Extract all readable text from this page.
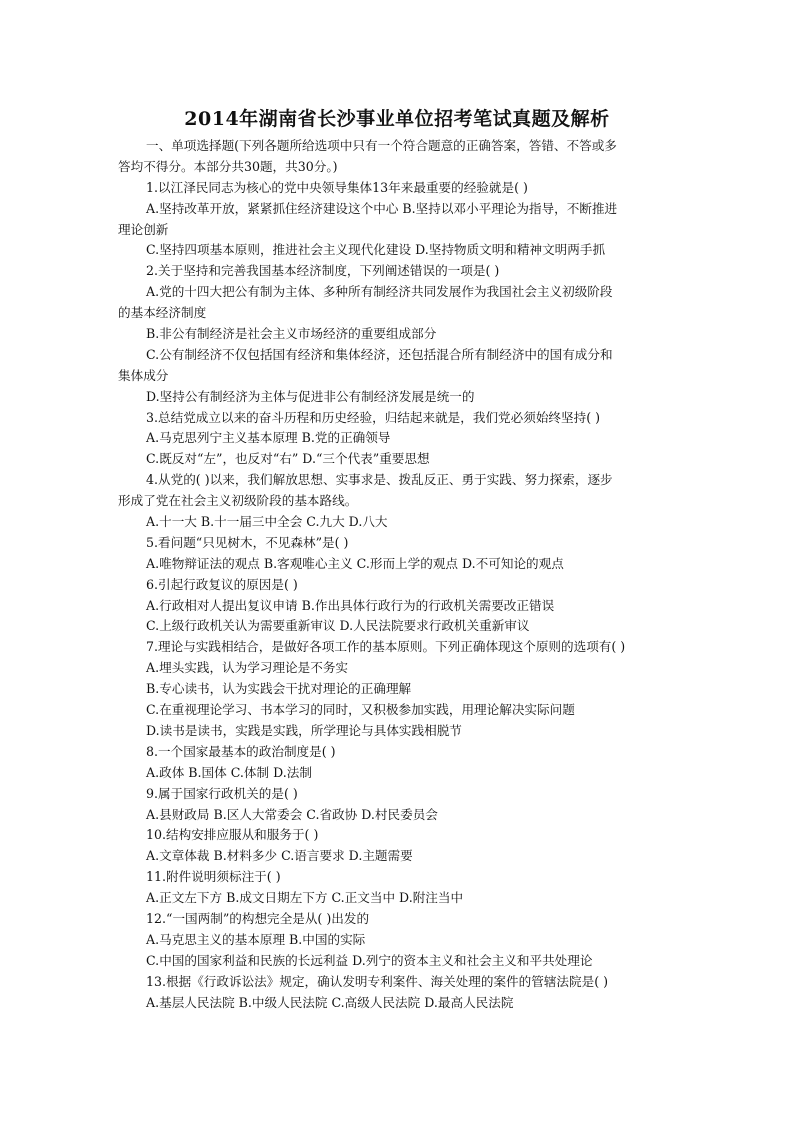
2014年湖南省长沙事业单位招考笔试真题及解析
一、单项选择题(下列各题所给选项中只有一个符合题意的正确答案，答错、不答或多
答均不得分。本部分共30题，共30分。)
1.以江泽民同志为核心的党中央领导集体13年来最重要的经验就是( )
A.坚持改革开放，紧紧抓住经济建设这个中心 B.坚持以邓小平理论为指导，不断推进
理论创新
C.坚持四项基本原则，推进社会主义现代化建设 D.坚持物质文明和精神文明两手抓
2.关于坚持和完善我国基本经济制度，下列阐述错误的一项是( )
A.党的十四大把公有制为主体、多种所有制经济共同发展作为我国社会主义初级阶段
的基本经济制度
B.非公有制经济是社会主义市场经济的重要组成部分
C.公有制经济不仅包括国有经济和集体经济，还包括混合所有制经济中的国有成分和
集体成分
D.坚持公有制经济为主体与促进非公有制经济发展是统一的
3.总结党成立以来的奋斗历程和历史经验，归结起来就是，我们党必须始终坚持( )
A.马克思列宁主义基本原理 B.党的正确领导
C.既反对“左”，也反对“右” D.“三个代表”重要思想
4.从党的( )以来，我们解放思想、实事求是、拨乱反正、勇于实践、努力探索，逐步
形成了党在社会主义初级阶段的基本路线。
A.十一大 B.十一届三中全会 C.九大 D.八大
5.看问题“只见树木，不见森林”是( )
A.唯物辩证法的观点 B.客观唯心主义 C.形而上学的观点 D.不可知论的观点
6.引起行政复议的原因是( )
A.行政相对人提出复议申请 B.作出具体行政行为的行政机关需要改正错误
C.上级行政机关认为需要重新审议 D.人民法院要求行政机关重新审议
7.理论与实践相结合，是做好各项工作的基本原则。下列正确体现这个原则的选项有( )
A.埋头实践，认为学习理论是不务实
B.专心读书，认为实践会干扰对理论的正确理解
C.在重视理论学习、书本学习的同时，又积极参加实践，用理论解决实际问题
D.读书是读书，实践是实践，所学理论与具体实践相脱节
8.一个国家最基本的政治制度是( )
A.政体 B.国体 C.体制 D.法制
9.属于国家行政机关的是( )
A.县财政局 B.区人大常委会 C.省政协 D.村民委员会
10.结构安排应服从和服务于( )
A.文章体裁 B.材料多少 C.语言要求 D.主题需要
11.附件说明须标注于( )
A.正文左下方 B.成文日期左下方 C.正文当中 D.附注当中
12.“一国两制”的构想完全是从( )出发的
A.马克思主义的基本原理 B.中国的实际
C.中国的国家利益和民族的长远利益 D.列宁的资本主义和社会主义和平共处理论
13.根据《行政诉讼法》规定，确认发明专利案件、海关处理的案件的管辖法院是( )
A.基层人民法院 B.中级人民法院 C.高级人民法院 D.最高人民法院
